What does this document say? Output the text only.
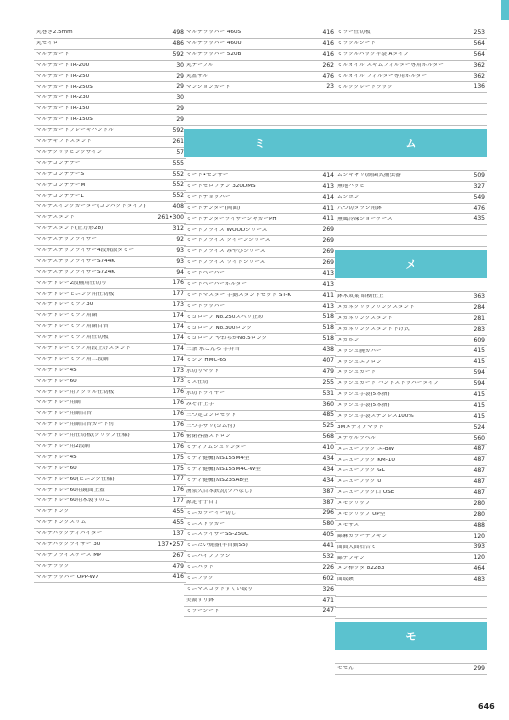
丸巻き2.5mm	498
丸セイロ	486
マルチカート	592
マルチカートTR-200	30
マルチカートTR-250	29
マルチカートTR-250S	29
マルチカートTR-230	30
マルチカートTR-150	29
マルチカートTR-150S	29
マルチカートブレーキハンドル	592
マルチギフトスタンド	261
マルチクリッピングサイン	57
マルチコンテナー	555
マルチコンテナーS	552
マルチコンテナーM	552
マルチコンテナーL	552
マルチスイングカーター(コンパクトタイプ)	408
マルチスタンド	261•300
マルチスタンド(正方形28)	312
マルチステップライザー	92
マルチステップライザー4段飛散ダミー	93
マルチステップライザーS744K	93
マルチステップライザーS724K	94
マルチトレー2段棚用仕切り	176
マルチトレービニング用仕切板	177
マルチトレーミラノ30	173
マルチトレーミラノ用網	174
マルチトレーミラノ用網目台	174
マルチトレーミラノ用仕切板	174
マルチトレーミラノ用段上げスタンド	174
マルチトレーミラノ用二段網	174
マルチトレー45	173
マルチトレー60	173
マルチトレー用アクリル仕切板	176
マルチトレー用網	176
マルチトレー用網目台	176
マルチトレー用網目台ガード付	176
マルチトレー用仕切板(クリップ仕様)	176
マルチトレー用2段網	176
マルチトレー45	175
マルチトレー60	175
マルチトレー60(ビニング仕様)	177
マルチトレー60用鏡面上蓋	176
マルチトレー60用木製ずのこ	177
マルチトング	455
マルチトングスリム	455
マルチバックディバイダー	137
マルチバックライザー 30	137•257
マルチプライスケース MP	267
マルチラック	479
マルチラッパー OPP-W7	416
マルチラッパー 460S	416
マルチラッパー 460U	416
マルチラッパー 520B	416
丸テーブル	262
丸盆ザル	476
マンションカート	23
ミ
ミート•センサー	414
ミートセロファン 320DMS	413
ミートチョッパー	414
ミートテンダー(両面)	411
ミートテンダーライザージャガーPH	411
ミートプライス WOODシリーズ	269
ミートプライス クイーンシリーズ	269
ミートプライス みやびシリーズ	269
ミートプライス ワイドシリーズ	269
ミートペーパー	413
ミートペーパーホルダー	413
ミートマスター 手動スタンドセット ST-K	411
ミートラッパー	413
ミゴロープ No.250スベリ止め	518
ミゴロープ No.300ロング	518
ミゴロープ やわらかNo.5ロング	518
三条 氷こんろ 手弁当	438
ミジン HMC-65	407
水切りマット	479
ミス仕切	255
水切ドライヤー	531
みそ汁上手	360
三つ足コンロセット	485
三つ手サリ(ゴム付)	525
密閉容器ストロン	568
ミディアムシュリンダー	410
ミディ健機(ＭS155M4型	434
ミディ健機(ＭS155M4C-W型	434
ミディ健機(ＭS235A8型	434
湧泉久目本鉄瓦(ツバなし)	387
源定守子目了	387
ミニカラーイー切し	296
ミニストッカー	580
ミニスライサーSS-250C	405
ミニたい焼器(半自動S5)	441
ミニパイプブラシ	532
ミニバット	226
ミニフック	602
ミニマスコットすくい取り	326
美濃すり鉢	471
ミラーシート	247
ミラー仕切板	253
ミラクルシート	564
ミラクルパック平袋 Aタイプ	564
ミルオイル スキムフィルター専用ホルダー	362
ミルオイル フィルター専用ホルダー	362
ミルクグレートラック	136
ム
ムシキャリ(制菌式捕虫器	509
無地ハッピ	327
ムシポン	549
六つ切タラシ角鉢	476
無風冷凍ショーケース	435
メ
鉢木双葉 昭樹仕上	363
メガネクリップリングスタンド	284
メガネリングスタンド	281
メガネリングスタンド下げ式	283
メガホン	609
メッシュ腕カバー	415
メッシュエプロン	415
メッシュカート	594
メッシュカート ハンドストッパータイプ	594
メッシュ手袋(5本指)	415
メッシュ手袋(5本指)	415
メッシュ手袋ステンレス100%	415
3Mメディアマット	524
メデゥルラベル	560
メニューブック エ-BW	487
メニューブック KM-10	487
メニューブック GL	487
メニューブック U	487
メニューブック口 OSE	487
メモクリップ	280
メモクリップ UP型	280
メモサス	488
綿麻カラーナプキン	120
面面人面石合ミ	393
綿ナプキン	120
メン棒ツダ 82283	464
面取鋏	483
モ
モセん	299
646
